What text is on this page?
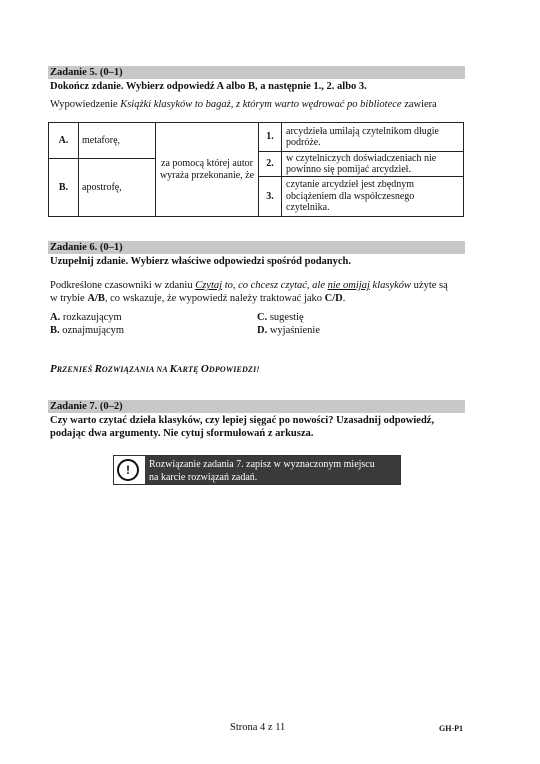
Zadanie 5. (0–1)
Dokończ zdanie. Wybierz odpowiedź A albo B, a następnie 1., 2. albo 3.
Wypowiedzenie Książki klasyków to bagaż, z którym warto wędrować po bibliotece zawiera
A.	metaforę,	za pomocą której autor wyraża przekonanie, że	1.	arcydzieła umilają czytelnikom długie podróże.

			2.	w czytelniczych doświadczeniach nie powinno się pomijać arcydzieł.
B.	apostrofę,			
			3.	czytanie arcydzieł jest zbędnym obciążeniem dla współczesnego czytelnika.

Zadanie 6. (0–1)
Uzupełnij zdanie. Wybierz właściwe odpowiedzi spośród podanych.
Podkreślone czasowniki w zdaniu Czytaj to, co chcesz czytać, ale nie omijaj klasyków użyte są
w trybie A/B, co wskazuje, że wypowiedź należy traktować jako C/D.
A. rozkazującym
B. oznajmującym
C. sugestię
D. wyjaśnienie
PRZENIEŚ ROZWIĄZANIA NA KARTĘ ODPOWIEDZI!
Zadanie 7. (0–2)
Czy warto czytać dzieła klasyków, czy lepiej sięgać po nowości? Uzasadnij odpowiedź, podając dwa argumenty. Nie cytuj sformułowań z arkusza.
!	Rozwiązanie zadania 7. zapisz w wyznaczonym miejscu
na karcie rozwiązań zadań.
Strona 4 z 11	GH-P1
